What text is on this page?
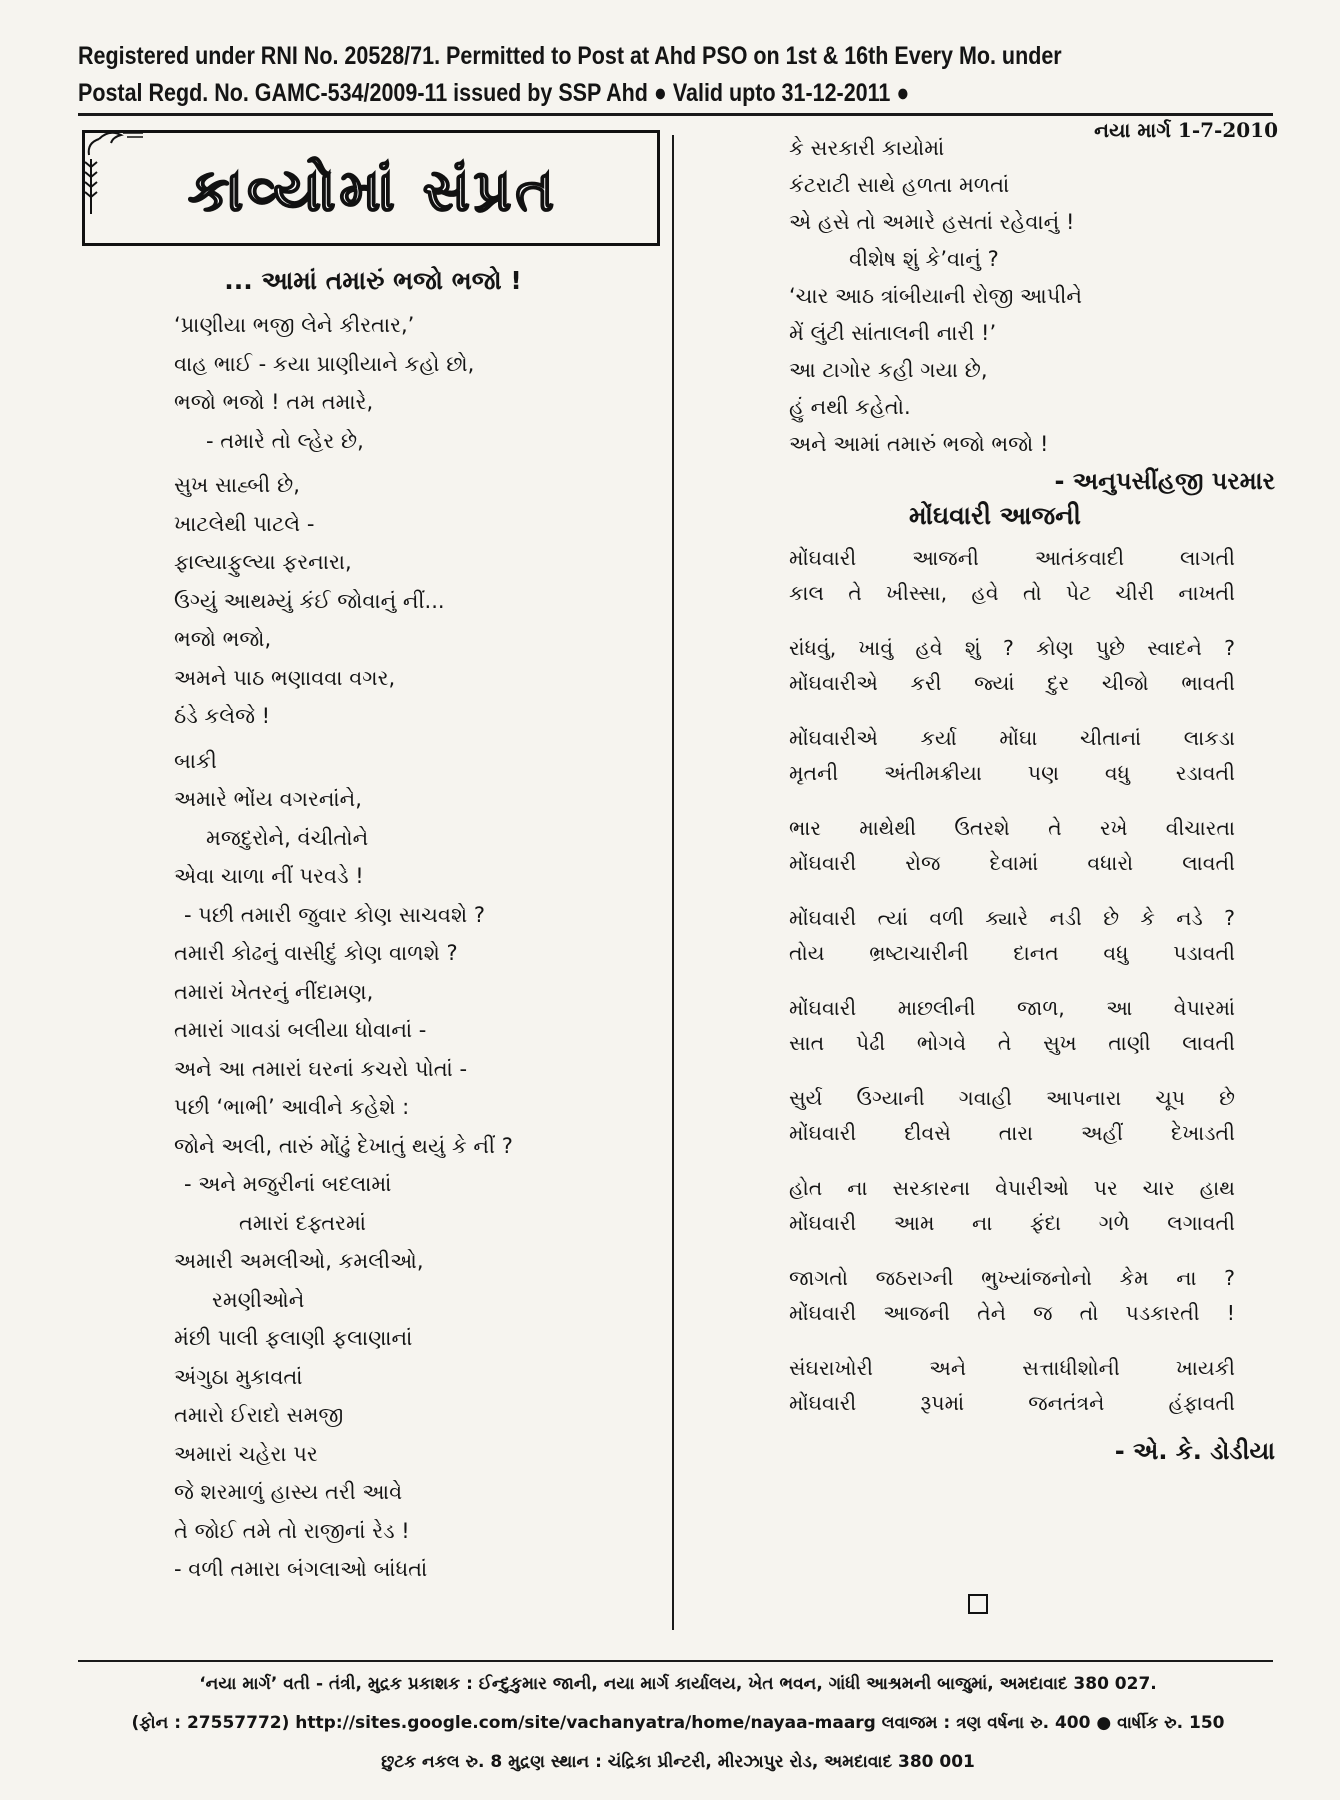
Registered under RNI No. 20528/71. Permitted to Post at Ahd PSO on 1st & 16th Every Mo. under
Postal Regd. No. GAMC-534/2009-11 issued by SSP Ahd ● Valid upto 31-12-2011 ●
નયા માર્ગ 1-7-2010
કાવ્યોમાં સંપ્રત
... આમાં તમારું ભજો ભજો !
‘પ્રાણીયા ભજી લેને કીરતાર,’
વાહ ભાઈ - કયા પ્રાણીયાને કહો છો,
ભજો ભજો ! તમ તમારે,
- તમારે તો લ્હેર છે,
સુખ સાહ્બી છે,
ખાટલેથી પાટલે -
ફાલ્યાફુલ્યા ફરનારા,
ઉગ્યું આથમ્યું કંઈ જોવાનું નીં...
ભજો ભજો,
અમને પાઠ ભણાવવા વગર,
ઠંડે કલેજે !
બાકી
અમારે ભોંય વગરનાંને,
મજદુરોને, વંચીતોને
એવા ચાળા નીં પરવડે !
- પછી તમારી જુવાર કોણ સાચવશે ?
તમારી કોઢનું વાસીદું કોણ વાળશે ?
તમારાં ખેતરનું નીંદામણ,
તમારાં ગાવડાં બલીયા ધોવાનાં -
અને આ તમારાં ઘરનાં કચરો પોતાં -
પછી ‘ભાભી’ આવીને કહેશે :
જોને અલી, તારું મોંઢું દેખાતું થયું કે નીં ?
- અને મજુરીનાં બદલામાં
તમારાં દફ્તરમાં
અમારી અમલીઓ, કમલીઓ,
રમણીઓને
મંછી પાલી ફલાણી ફલાણાનાં
અંગુઠા મુકાવતાં
તમારો ઈરાદો સમજી
અમારાં ચહેરા પર
જે શરમાળું હાસ્ય તરી આવે
તે જોઈ તમે તો રાજીનાં રેડ !
- વળી તમારા બંગલાઓ બાંધતાં
કે સરકારી કાયોમાં
કંટરાટી સાથે હળતા મળતાં
એ હસે તો અમારે હસતાં રહેવાનું !
વીશેષ શું કે’વાનું ?
‘ચાર આઠ ત્રાંબીયાની રોજી આપીને
મેં લુંટી સાંતાલની નારી !’
આ ટાગોર કહી ગયા છે,
હું નથી કહેતો.
અને આમાં તમારું ભજો ભજો !
- અનુપસીંહજી પરમાર
મોંઘવારી આજની
મોંઘવારી આજની આતંકવાદી લાગતી
કાલ તે ખીસ્સા, હવે તો પેટ ચીરી નાખતી
રાંધવું, ખાવું હવે શું ? કોણ પુછે સ્વાદને ?
મોંઘવારીએ કરી જ્યાં દુર ચીજો ભાવતી
મોંઘવારીએ કર્યા મોંઘા ચીતાનાં લાકડા
મૃતની અંતીમક્રીયા પણ વધુ રડાવતી
ભાર માથેથી ઉતરશે તે રખે વીચારતા
મોંઘવારી રોજ દેવામાં વધારો લાવતી
મોંઘવારી ત્યાં વળી ક્યારે નડી છે કે નડે ?
તોય ભ્રષ્ટાચારીની દાનત વધુ પડાવતી
મોંઘવારી માછલીની જાળ, આ વેપારમાં
સાત પેઢી ભોગવે તે સુખ તાણી લાવતી
સુર્ય ઉગ્યાની ગવાહી આપનારા ચૂપ છે
મોંઘવારી દીવસે તારા અહીં દેખાડતી
હોત ના સરકારના વેપારીઓ પર ચાર હાથ
મોંઘવારી આમ ના ફંદા ગળે લગાવતી
જાગતો જઠરાગ્ની ભુખ્યાંજનોનો કેમ ના ?
મોંઘવારી આજની તેને જ તો પડકારતી !
સંઘરાખોરી અને સત્તાધીશોની ખાયકી
મોંઘવારી રૂપમાં જનતંત્રને હંફાવતી
- એ. કે. ડોડીયા
‘નયા માર્ગ’ વતી - તંત્રી, મુદ્રક પ્રકાશક : ઈન્દુકુમાર જાની, નયા માર્ગ કાર્યાલય, ખેત ભવન, ગાંધી આશ્રમની બાજુમાં, અમદાવાદ 380 027.
(ફોન : 27557772) http://sites.google.com/site/vachanyatra/home/nayaa-maarg લવાજમ : ત્રણ વર્ષના રુ. 400 ● વાર્ષીક રુ. 150
છુટક નકલ રુ. 8 મુદ્રણ સ્થાન : ચંદ્રિકા પ્રીન્ટરી, મીરઝાપુર રોડ, અમદાવાદ 380 001
